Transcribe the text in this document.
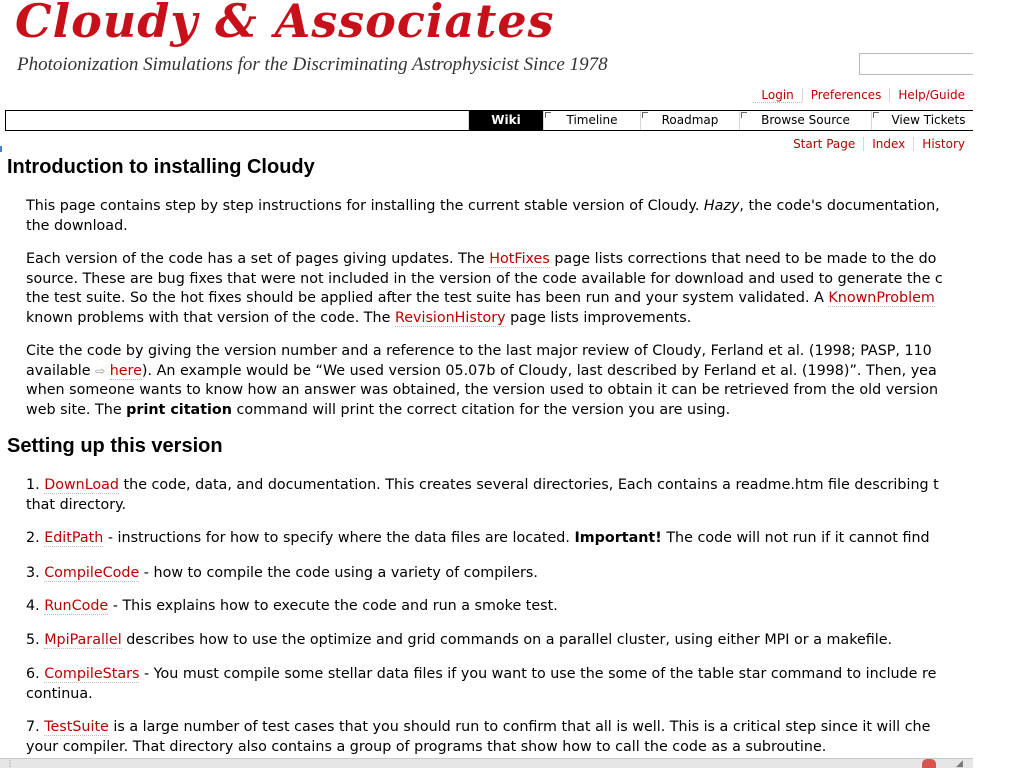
Cloudy & Associates
Photoionization Simulations for the Discriminating Astrophysicist Since 1978
Login Preferences Help/Guide
Wiki	Timeline	Roadmap	Browse Source	View Tickets
Start Page Index History
Introduction to installing Cloudy
This page contains step by step instructions for installing the current stable version of Cloudy. Hazy, the code's documentation,
the download.
Each version of the code has a set of pages giving updates. The HotFixes page lists corrections that need to be made to the do
source. These are bug fixes that were not included in the version of the code available for download and used to generate the c
the test suite. So the hot fixes should be applied after the test suite has been run and your system validated. A KnownProblem
known problems with that version of the code. The RevisionHistory page lists improvements.
Cite the code by giving the version number and a reference to the last major review of Cloudy, Ferland et al. (1998; PASP, 110
available ⇨ here). An example would be “We used version 05.07b of Cloudy, last described by Ferland et al. (1998)”. Then, yea
when someone wants to know how an answer was obtained, the version used to obtain it can be retrieved from the old version
web site. The print citation command will print the correct citation for the version you are using.
Setting up this version
1. DownLoad the code, data, and documentation. This creates several directories, Each contains a readme.htm file describing t
that directory.
2. EditPath - instructions for how to specify where the data files are located. Important! The code will not run if it cannot find
3. CompileCode - how to compile the code using a variety of compilers.
4. RunCode - This explains how to execute the code and run a smoke test.
5. MpiParallel describes how to use the optimize and grid commands on a parallel cluster, using either MPI or a makefile.
6. CompileStars - You must compile some stellar data files if you want to use the some of the table star command to include re
continua.
7. TestSuite is a large number of test cases that you should run to confirm that all is well. This is a critical step since it will che
your compiler. That directory also contains a group of programs that show how to call the code as a subroutine.
⋮	◢
